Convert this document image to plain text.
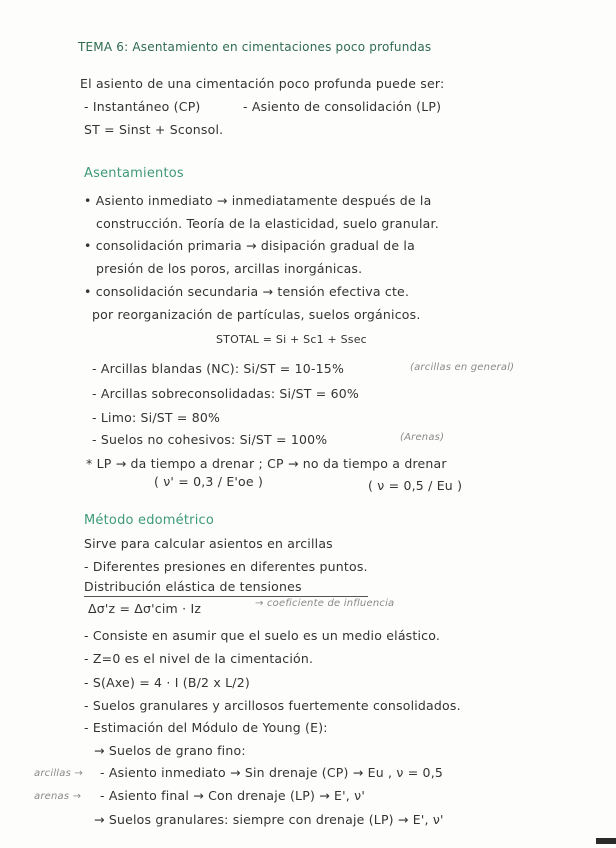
TEMA 6: Asentamiento en cimentaciones poco profundas
El asiento de una cimentación poco profunda puede ser:
- Instantáneo (CP)	- Asiento de consolidación (LP)
ST = Sinst + Sconsol.
Asentamientos
• Asiento inmediato → inmediatamente después de la
construcción. Teoría de la elasticidad, suelo granular.
• consolidación primaria → disipación gradual de la
presión de los poros, arcillas inorgánicas.
• consolidación secundaria → tensión efectiva cte.
por reorganización de partículas, suelos orgánicos.
STOTAL = Si + Sc1 + Ssec
- Arcillas blandas (NC): Si/ST = 10-15%	(arcillas en general)
- Arcillas sobreconsolidadas: Si/ST = 60%
- Limo: Si/ST = 80%
- Suelos no cohesivos: Si/ST = 100%	(Arenas)
* LP → da tiempo a drenar ; CP → no da tiempo a drenar
( ν' = 0,3 / E'oe )	( ν = 0,5 / Eu )
Método edométrico
Sirve para calcular asientos en arcillas
- Diferentes presiones en diferentes puntos.
Distribución elástica de tensiones
Δσ'z = Δσ'cim · Iz	→ coeficiente de influencia
- Consiste en asumir que el suelo es un medio elástico.
- Z=0 es el nivel de la cimentación.
- S(Axe) = 4 · I (B/2 x L/2)
- Suelos granulares y arcillosos fuertemente consolidados.
- Estimación del Módulo de Young (E):
→ Suelos de grano fino:
arcillas → - Asiento inmediato → Sin drenaje (CP) → Eu , ν = 0,5
arenas → - Asiento final → Con drenaje (LP) → E', ν'
→ Suelos granulares: siempre con drenaje (LP) → E', ν'
